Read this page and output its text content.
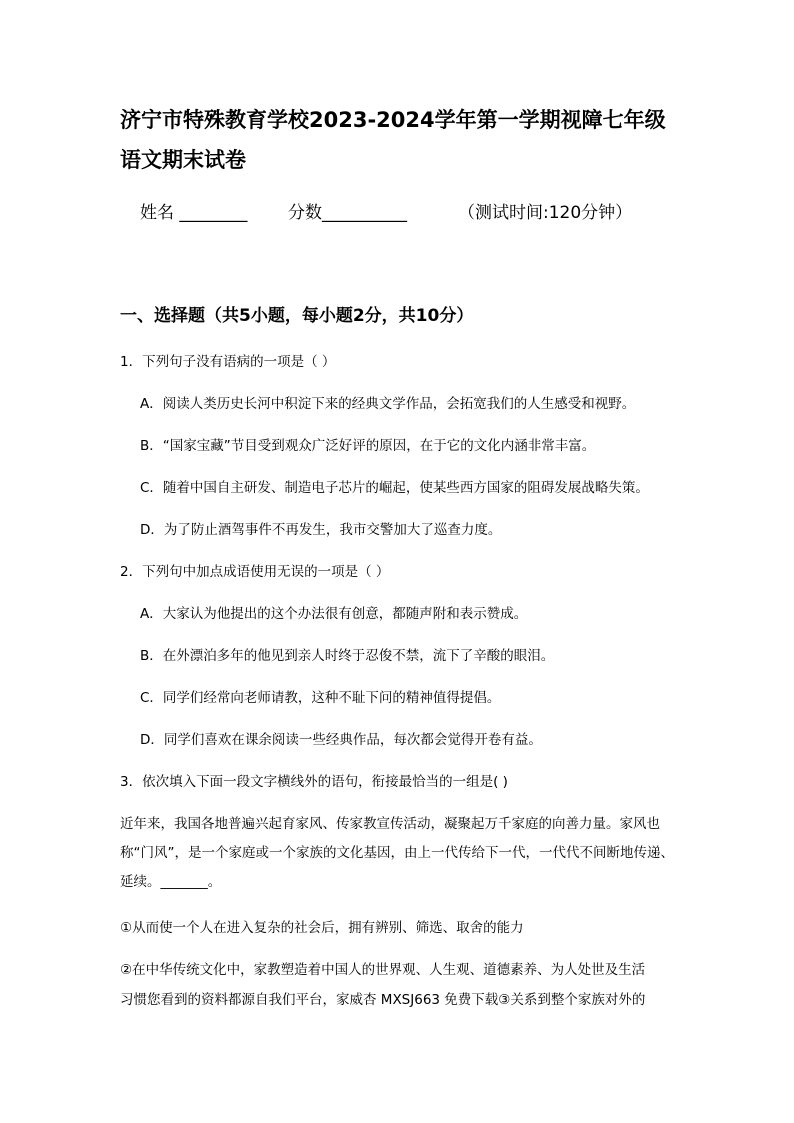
济宁市特殊教育学校2023-2024学年第一学期视障七年级语文期末试卷
姓名 ________ 分数__________	（测试时间:120分钟）
一、选择题（共5小题，每小题2分，共10分）
1．下列句子没有语病的一项是（ ）
A．阅读人类历史长河中积淀下来的经典文学作品，会拓宽我们的人生感受和视野。
B．“国家宝藏”节目受到观众广泛好评的原因，在于它的文化内涵非常丰富。
C．随着中国自主研发、制造电子芯片的崛起，使某些西方国家的阻碍发展战略失策。
D．为了防止酒驾事件不再发生，我市交警加大了巡查力度。
2．下列句中加点成语使用无误的一项是（ ）
A．大家认为他提出的这个办法很有创意，都随声附和表示赞成。
B．在外漂泊多年的他见到亲人时终于忍俊不禁，流下了辛酸的眼泪。
C．同学们经常向老师请教，这种不耻下问的精神值得提倡。
D．同学们喜欢在课余阅读一些经典作品，每次都会觉得开卷有益。
3．依次填入下面一段文字横线外的语句，衔接最恰当的一组是( )
近年来，我国各地普遍兴起育家风、传家教宣传活动，凝聚起万千家庭的向善力量。家风也称“门风”，是一个家庭或一个家族的文化基因，由上一代传给下一代，一代代不间断地传递、延续。_______。
①从而使一个人在进入复杂的社会后，拥有辨别、筛选、取舍的能力
②在中华传统文化中，家教塑造着中国人的世界观、人生观、道德素养、为人处世及生活
习惯您看到的资料都源自我们平台，家威杏 MXSJ663 免费下载③关系到整个家族对外的
